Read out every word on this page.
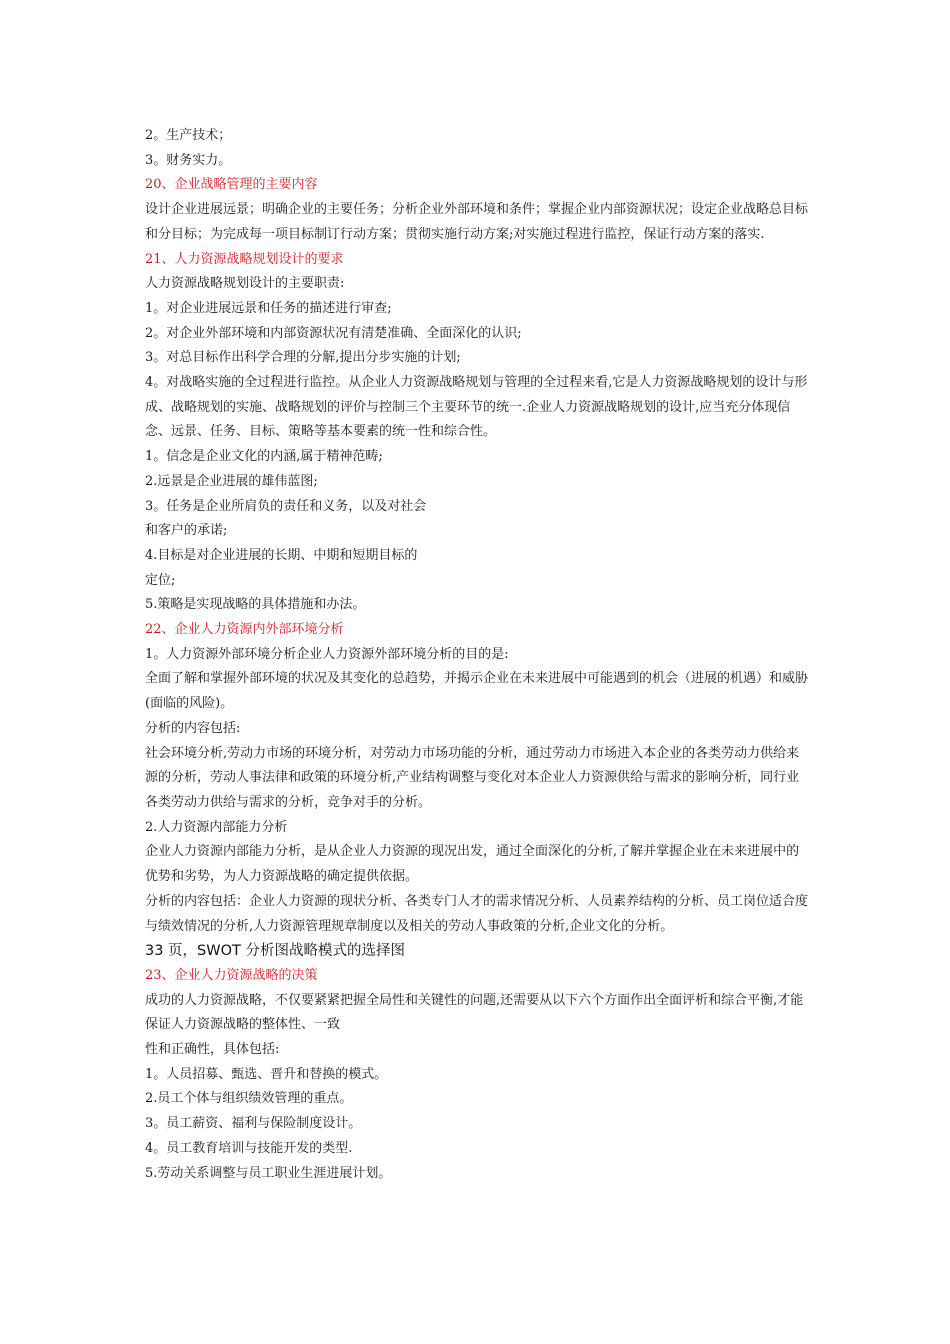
2。生产技术；

3。财务实力。

20、企业战略管理的主要内容

设计企业进展远景；明确企业的主要任务；分析企业外部环境和条件；掌握企业内部资源状况；设定企业战略总目标和分目标；为完成每一项目标制订行动方案；贯彻实施行动方案;对实施过程进行监控，保证行动方案的落实.

21、人力资源战略规划设计的要求

人力资源战略规划设计的主要职责:

1。对企业进展远景和任务的描述进行审查;

2。对企业外部环境和内部资源状况有清楚准确、全面深化的认识;

3。对总目标作出科学合理的分解,提出分步实施的计划;

4。对战略实施的全过程进行监控。从企业人力资源战略规划与管理的全过程来看,它是人力资源战略规划的设计与形成、战略规划的实施、战略规划的评价与控制三个主要环节的统一.企业人力资源战略规划的设计,应当充分体现信念、远景、任务、目标、策略等基本要素的统一性和综合性。

1。信念是企业文化的内涵,属于精神范畴;

2.远景是企业进展的雄伟蓝图;

3。任务是企业所肩负的责任和义务，以及对社会

和客户的承诺;

4.目标是对企业进展的长期、中期和短期目标的

定位;

5.策略是实现战略的具体措施和办法。

22、企业人力资源内外部环境分析

1。人力资源外部环境分析企业人力资源外部环境分析的目的是:

全面了解和掌握外部环境的状况及其变化的总趋势，并揭示企业在未来进展中可能遇到的机会（进展的机遇）和威胁(面临的风险)。

分析的内容包括:

社会环境分析,劳动力市场的环境分析，对劳动力市场功能的分析，通过劳动力市场进入本企业的各类劳动力供给来源的分析，劳动人事法律和政策的环境分析,产业结构调整与变化对本企业人力资源供给与需求的影响分析，同行业各类劳动力供给与需求的分析，竞争对手的分析。

2.人力资源内部能力分析

企业人力资源内部能力分析，是从企业人力资源的现况出发，通过全面深化的分析,了解并掌握企业在未来进展中的优势和劣势，为人力资源战略的确定提供依据。

分析的内容包括：企业人力资源的现状分析、各类专门人才的需求情况分析、人员素养结构的分析、员工岗位适合度与绩效情况的分析,人力资源管理规章制度以及相关的劳动人事政策的分析,企业文化的分析。

33 页，SWOT 分析图战略模式的选择图

23、企业人力资源战略的决策

成功的人力资源战略，不仅要紧紧把握全局性和关键性的问题,还需要从以下六个方面作出全面评析和综合平衡,才能保证人力资源战略的整体性、一致

性和正确性，具体包括:

1。人员招募、甄选、晋升和替换的模式。

2.员工个体与组织绩效管理的重点。

3。员工薪资、福利与保险制度设计。

4。员工教育培训与技能开发的类型.

5.劳动关系调整与员工职业生涯进展计划。
